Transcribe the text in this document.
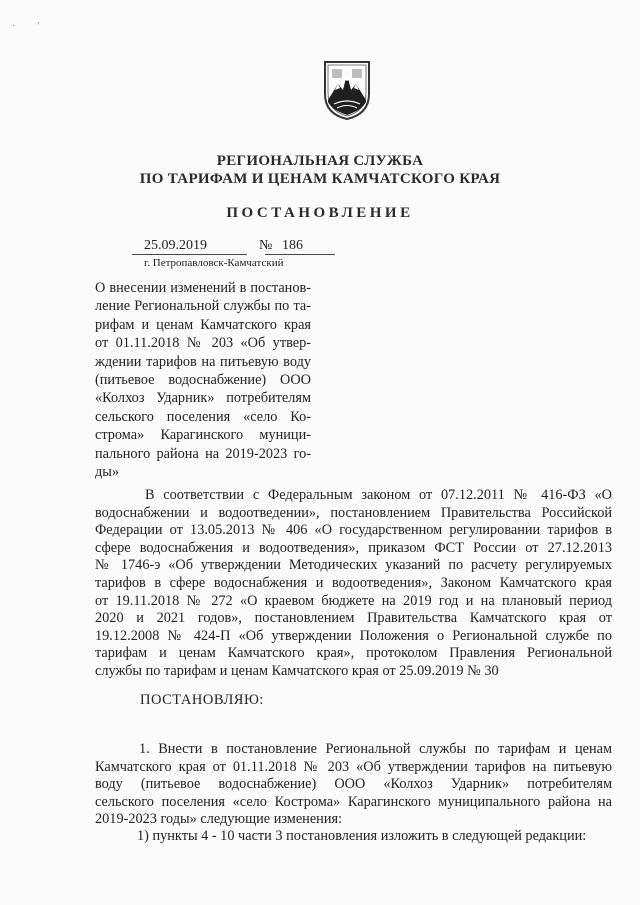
·         '
РЕГИОНАЛЬНАЯ СЛУЖБА
ПО ТАРИФАМ И ЦЕНАМ КАМЧАТСКОГО КРАЯ
ПОСТАНОВЛЕНИЕ
25.09.2019	№ 186
г. Петропавловск-Камчатский
О внесении изменений в постанов-
ление Региональной службы по та-
рифам и ценам Камчатского края
от 01.11.2018 № 203 «Об утвер-
ждении тарифов на питьевую воду
(питьевое водоснабжение) ООО
«Колхоз Ударник» потребителям
сельского поселения «село Ко-
строма» Карагинского муници-
пального района на 2019-2023 го-
ды»
В соответствии с Федеральным законом от 07.12.2011 № 416-ФЗ «О
водоснабжении и водоотведении», постановлением Правительства Российской
Федерации от 13.05.2013 № 406 «О государственном регулировании тарифов в
сфере водоснабжения и водоотведения», приказом ФСТ России от 27.12.2013
№ 1746-э «Об утверждении Методических указаний по расчету регулируемых
тарифов в сфере водоснабжения и водоотведения», Законом Камчатского края
от 19.11.2018 № 272 «О краевом бюджете на 2019 год и на плановый период
2020 и 2021 годов», постановлением Правительства Камчатского края от
19.12.2008 № 424-П «Об утверждении Положения о Региональной службе по
тарифам и ценам Камчатского края», протоколом Правления Региональной
службы по тарифам и ценам Камчатского края от 25.09.2019 № 30
ПОСТАНОВЛЯЮ:
1. Внести в постановление Региональной службы по тарифам и ценам
Камчатского края от 01.11.2018 № 203 «Об утверждении тарифов на питьевую
воду (питьевое водоснабжение) ООО «Колхоз Ударник» потребителям
сельского поселения «село Кострома» Карагинского муниципального района на
2019-2023 годы» следующие изменения:
1) пункты 4 - 10 части 3 постановления изложить в следующей редакции:
